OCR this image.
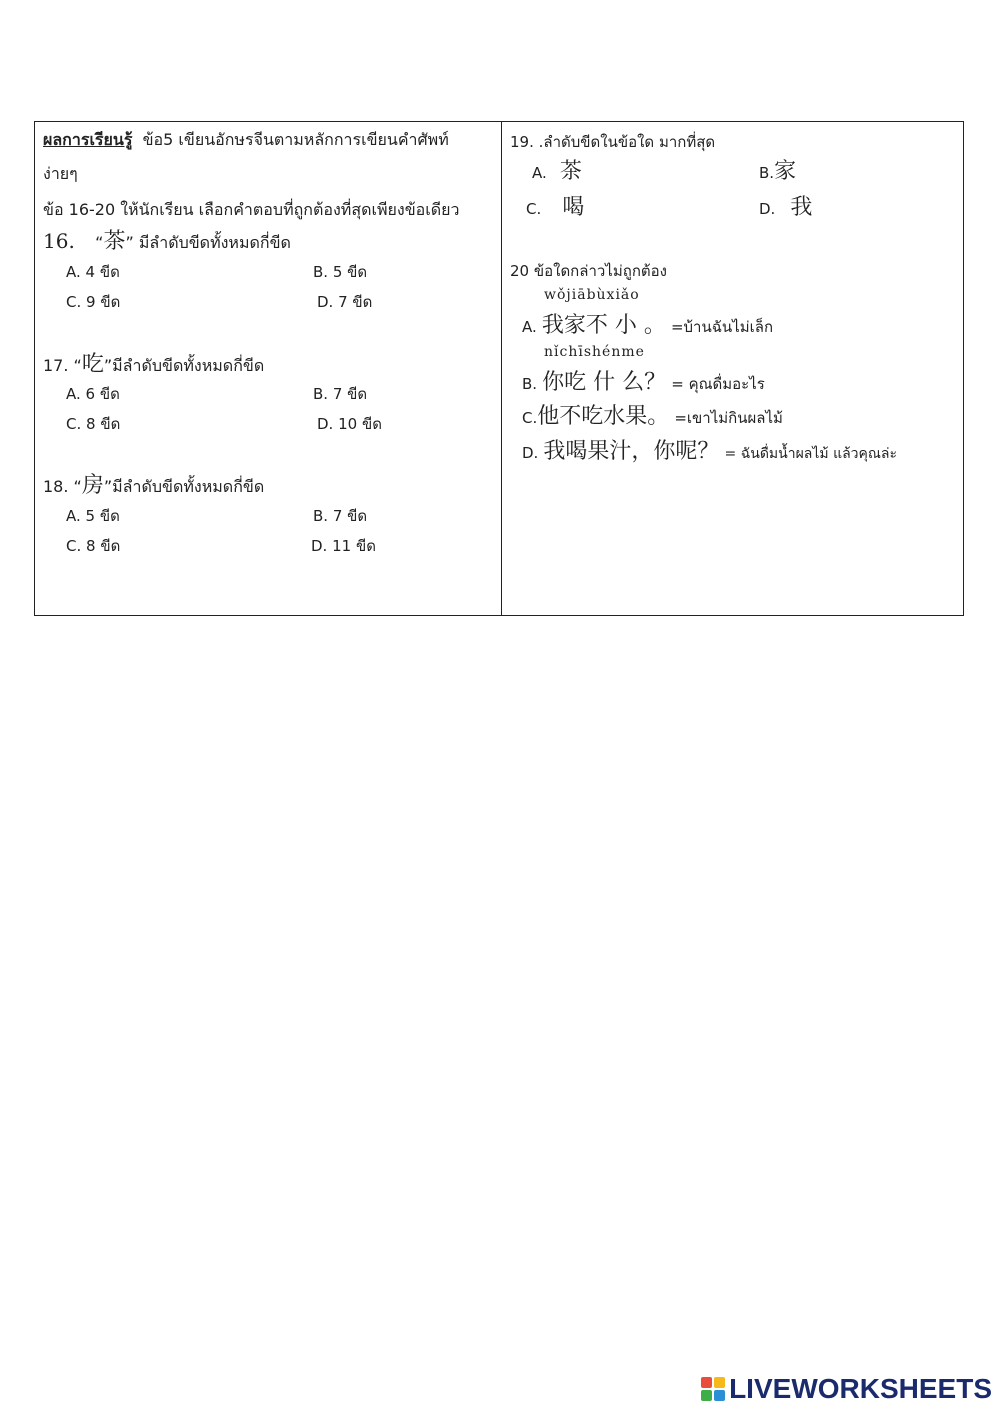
ผลการเรียนรู้ ข้อ5 เขียนอักษรจีนตามหลักการเขียนคำศัพท์
ง่ายๆ
ข้อ 16-20 ให้นักเรียน เลือกคำตอบที่ถูกต้องที่สุดเพียงข้อเดียว
16. “茶” มีลำดับขีดทั้งหมดกี่ขีด
A. 4 ขีด	B. 5 ขีด
C. 9 ขีด	D. 7 ขีด
17. “吃”มีลำดับขีดทั้งหมดกี่ขีด
A. 6 ขีด	B. 7 ขีด
C. 8 ขีด	D. 10 ขีด
18. “房”มีลำดับขีดทั้งหมดกี่ขีด
A. 5 ขีด	B. 7 ขีด
C. 8 ขีด	D. 11 ขีด
19. .ลำดับขีดในข้อใด มากที่สุด
A. 茶	B.家
C. 喝	D. 我
20 ข้อใดกล่าวไม่ถูกต้อง
wǒjiābùxiǎo
A. 我家不 小 。 =บ้านฉันไม่เล็ก
nǐchīshénme
B. 你吃 什 么？ = คุณดื่มอะไร
C.他不吃水果。 =เขาไม่กินผลไม้
D. 我喝果汁，你呢？ = ฉันดื่มน้ำผลไม้ แล้วคุณล่ะ
LIVEWORKSHEETS
